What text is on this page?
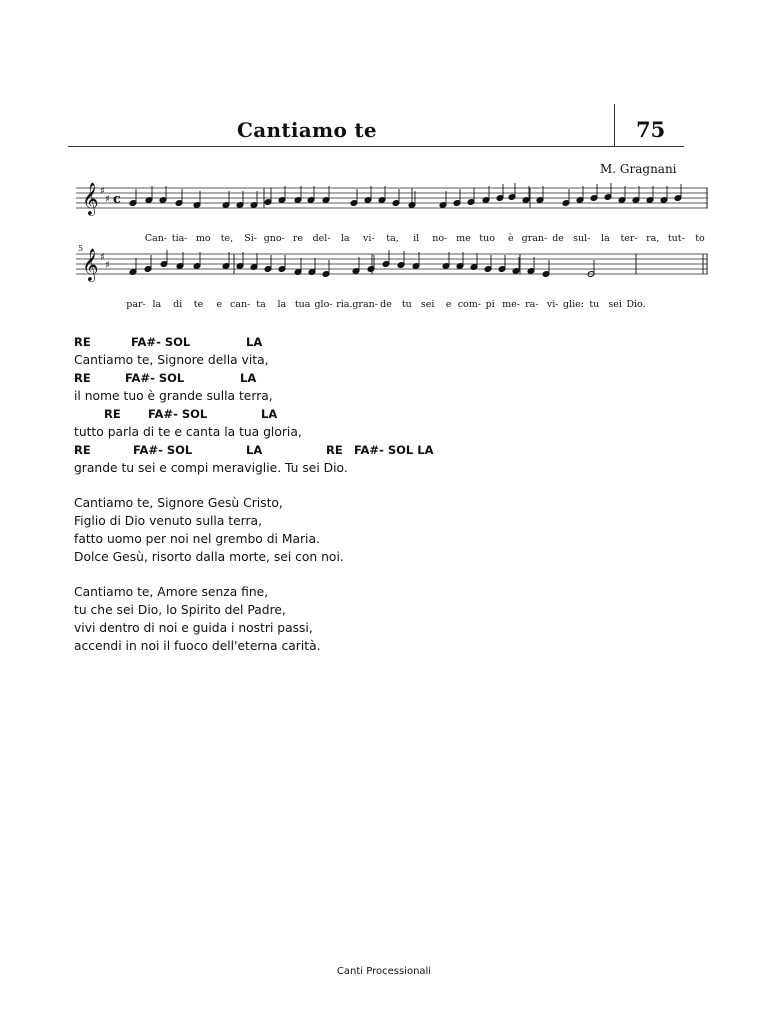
Cantiamo te	75
M. Gragnani
𝄞 ♯
♯ c
𝄞 ♯
♯
5
Can- tia- mo te, Si- gno- re del- la vi- ta, il no- me tuo è gran- de sul- la ter- ra, tut- to
par- la di te e can- ta la tua glo- ria. gran- de tu sei e com- pi me- ra- vi- glie: tu sei Dio.
RE	FA#- SOL	LA
Cantiamo te, Signore della vita,
RE	FA#- SOL	LA
il nome tuo è grande sulla terra,
RE FA#- SOL	LA
tutto parla di te e canta la tua gloria,
RE	FA#- SOL	LA	RE FA#- SOL LA
grande tu sei e compi meraviglie. Tu sei Dio.
Cantiamo te, Signore Gesù Cristo,
Figlio di Dio venuto sulla terra,
fatto uomo per noi nel grembo di Maria.
Dolce Gesù, risorto dalla morte, sei con noi.
Cantiamo te, Amore senza fine,
tu che sei Dio, lo Spirito del Padre,
vivi dentro di noi e guida i nostri passi,
accendi in noi il fuoco dell'eterna carità.
Canti Processionali
